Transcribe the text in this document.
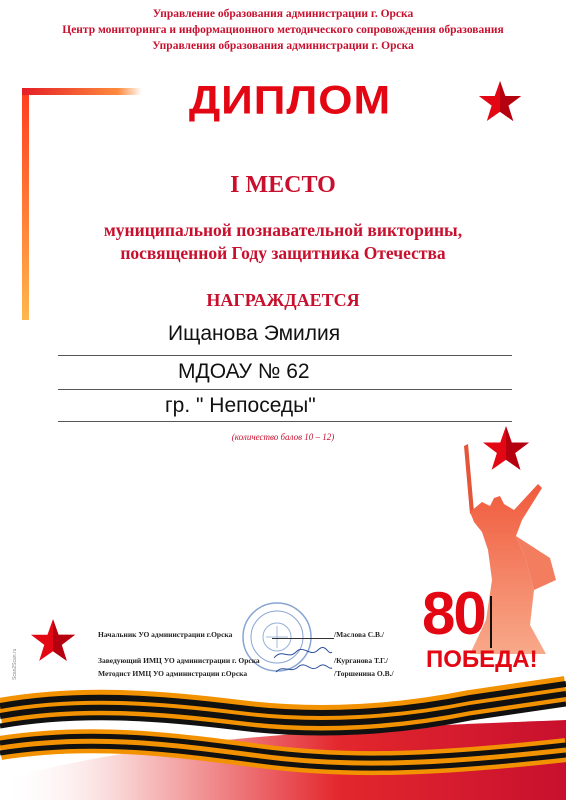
Управление образования администрации г. Орска
Центр мониторинга и информационного методического сопровождения образования
Управления образования администрации г. Орска
ДИПЛОМ
I МЕСТО
муниципальной познавательной викторины,
посвященной Году защитника Отечества
НАГРАЖДАЕТСЯ
Ищанова Эмилия
МДОАУ № 62
гр. " Непоседы"
(количество балов 10 – 12)
80
ПОБЕДА!
Начальник УО администрации г.Орска	/Маслова С.В./
Заведующий ИМЦ УО администрации г. Орска	/Курганова Т.Г./
Методист ИМЦ УО администрации г.Орска	/Торшенина О.В./
Scan2Scan.ru
